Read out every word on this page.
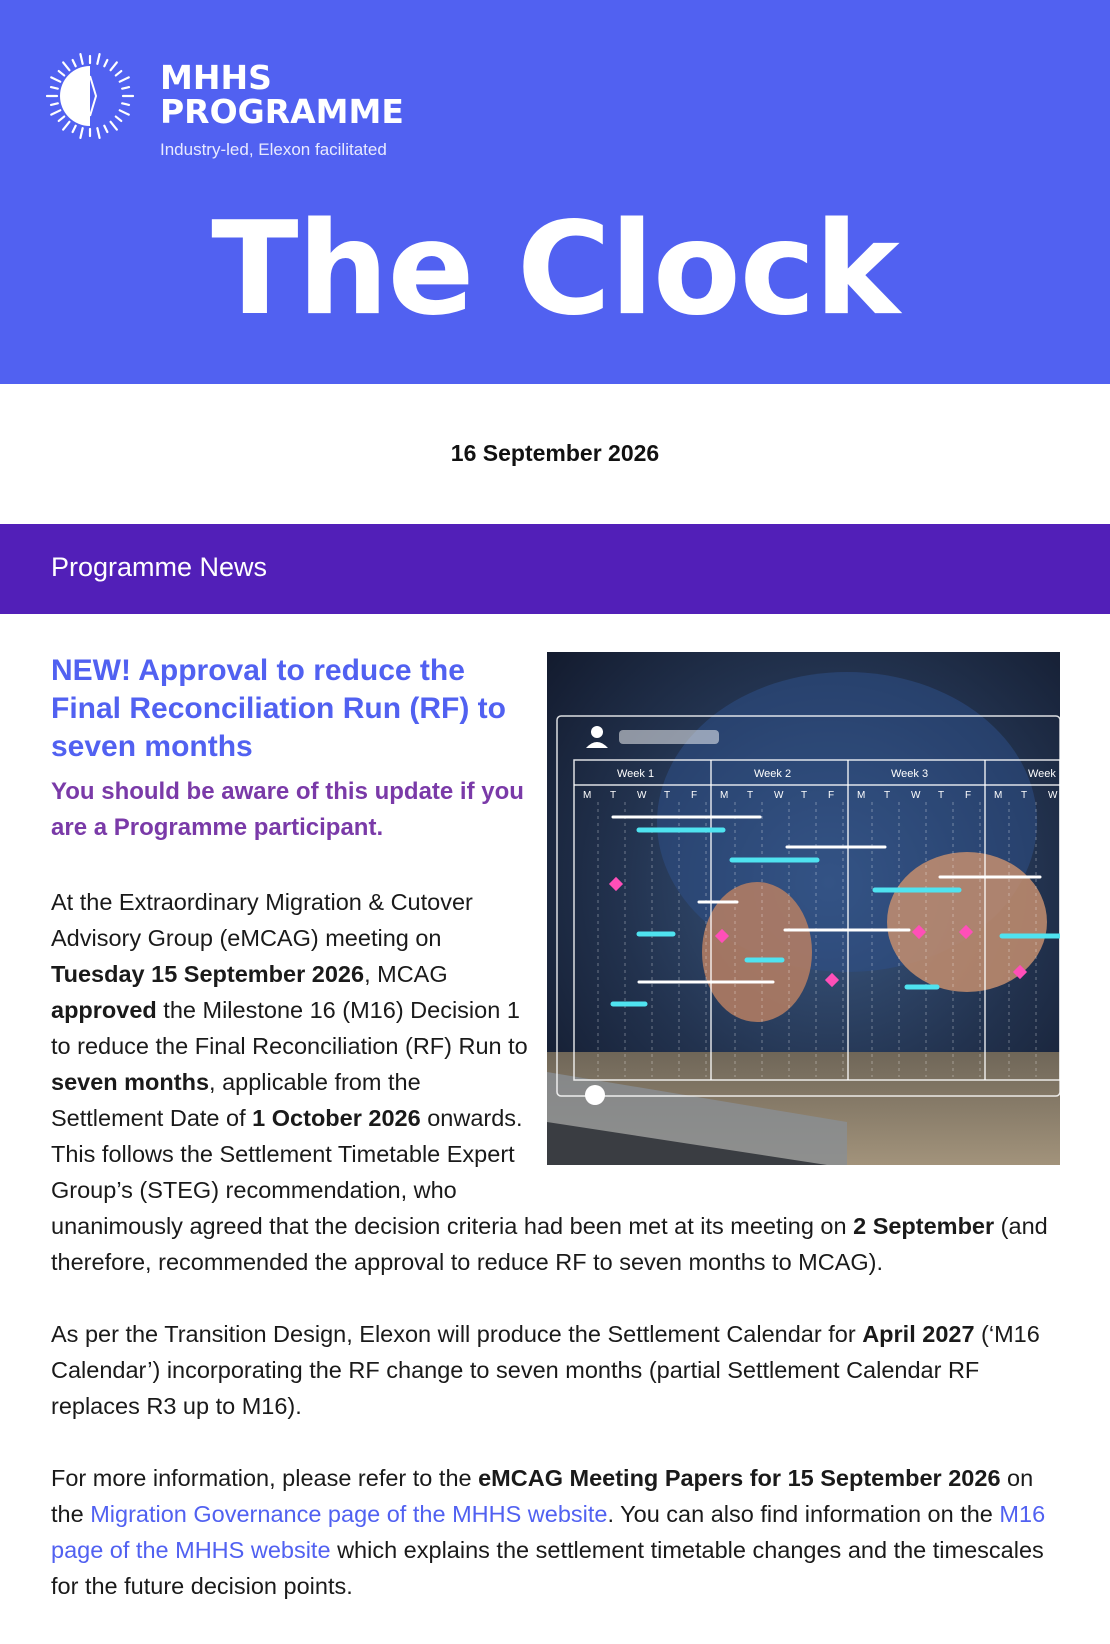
MHHS
PROGRAMME
Industry-led, Elexon facilitated
The Clock
16 September 2026
Programme News
Week 1	Week 2	Week 3	Week
M T W T F M T W T F M T W T F M T W
NEW! Approval to reduce the Final Reconciliation Run (RF) to seven months

You should be aware of this update if you are a Programme participant.

At the Extraordinary Migration & Cutover Advisory Group (eMCAG) meeting on Tuesday 15 September 2026, MCAG approved the Milestone 16 (M16) Decision 1 to reduce the Final Reconciliation (RF) Run to seven months, applicable from the Settlement Date of 1 October 2026 onwards. This follows the Settlement Timetable Expert Group’s (STEG) recommendation, who unanimously agreed that the decision criteria had been met at its meeting on 2 September (and therefore, recommended the approval to reduce RF to seven months to MCAG).

As per the Transition Design, Elexon will produce the Settlement Calendar for April 2027 (‘M16 Calendar’) incorporating the RF change to seven months (partial Settlement Calendar RF replaces R3 up to M16).

For more information, please refer to the eMCAG Meeting Papers for 15 September 2026 on the Migration Governance page of the MHHS website. You can also find information on the M16 page of the MHHS website which explains the settlement timetable changes and the timescales for the future decision points.
